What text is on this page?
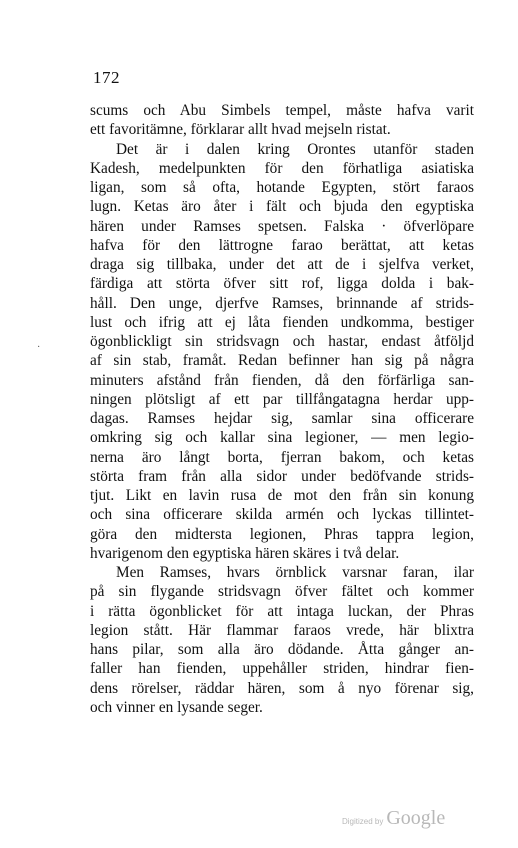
172
·
scums och Abu Simbels tempel, måste hafva varit
ett favoritämne, förklarar allt hvad mejseln ristat.
Det är i dalen kring Orontes utanför staden
Kadesh, medelpunkten för den förhatliga asiatiska
ligan, som så ofta, hotande Egypten, stört faraos
lugn. Ketas äro åter i fält och bjuda den egyptiska
hären under Ramses spetsen. Falska · öfverlöpare
hafva för den lättrogne farao berättat, att ketas
draga sig tillbaka, under det att de i sjelfva verket,
färdiga att störta öfver sitt rof, ligga dolda i bak-
håll. Den unge, djerfve Ramses, brinnande af strids-
lust och ifrig att ej låta fienden undkomma, bestiger
ögonblickligt sin stridsvagn och hastar, endast åtföljd
af sin stab, framåt. Redan befinner han sig på några
minuters afstånd från fienden, då den förfärliga san-
ningen plötsligt af ett par tillfångatagna herdar upp-
dagas. Ramses hejdar sig, samlar sina officerare
omkring sig och kallar sina legioner, — men legio-
nerna äro långt borta, fjerran bakom, och ketas
störta fram från alla sidor under bedöfvande strids-
tjut. Likt en lavin rusa de mot den från sin konung
och sina officerare skilda armén och lyckas tillintet-
göra den midtersta legionen, Phras tappra legion,
hvarigenom den egyptiska hären skäres i två delar.
Men Ramses, hvars örnblick varsnar faran, ilar
på sin flygande stridsvagn öfver fältet och kommer
i rätta ögonblicket för att intaga luckan, der Phras
legion stått. Här flammar faraos vrede, här blixtra
hans pilar, som alla äro dödande. Åtta gånger an-
faller han fienden, uppehåller striden, hindrar fien-
dens rörelser, räddar hären, som å nyo förenar sig,
och vinner en lysande seger.
Digitized by Google
